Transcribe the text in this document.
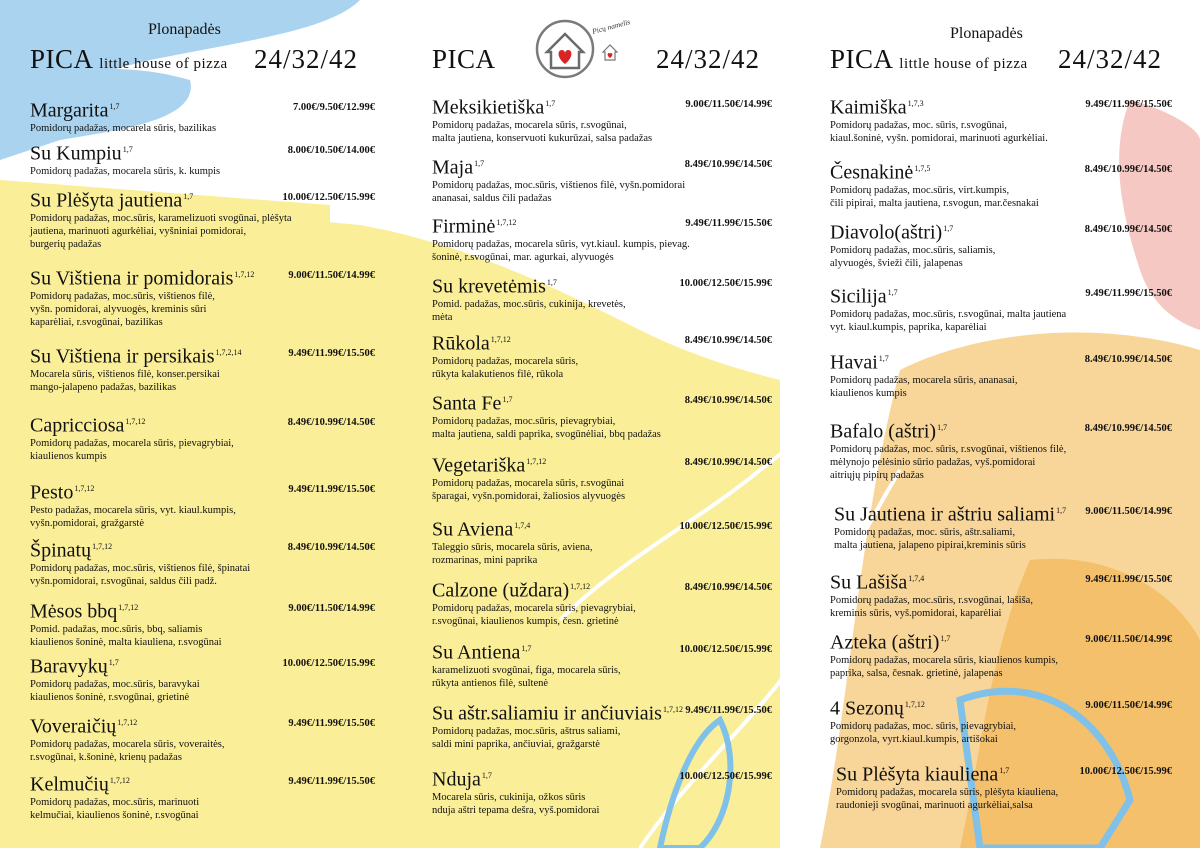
Picų namelis
Plonapadės
PICA little house of pizza 24/32/42
Margarita$^{1,7}$	7.00€/9.50€/12.99€
Pomidorų padažas, mocarela sūris, bazilikas
Su Kumpiu$^{1,7}$	8.00€/10.50€/14.00€
Pomidorų padažas, mocarela sūris, k. kumpis
Su Plėšyta jautiena$^{1,7}$	10.00€/12.50€/15.99€
Pomidorų padažas, moc.sūris, karamelizuoti svogūnai, plėšyta
jautiena, marinuoti agurkėliai, vyšniniai pomidorai,
burgerių padažas
Su Vištiena ir pomidorais$^{1,7,12}$	9.00€/11.50€/14.99€
Pomidorų padažas, moc.sūris, vištienos filė,
vyšn. pomidorai, alyvuogės, kreminis sūri
kaparėliai, r.svogūnai, bazilikas
Su Vištiena ir persikais$^{1,7,2,14}$	9.49€/11.99€/15.50€
Mocarela sūris, vištienos filė, konser.persikai
mango-jalapeno padažas, bazilikas
Capricciosa$^{1,7,12}$	8.49€/10.99€/14.50€
Pomidorų padažas, mocarela sūris, pievagrybiai,
kiaulienos kumpis
Pesto$^{1,7,12}$	9.49€/11.99€/15.50€
Pesto padažas, mocarela sūris, vyt. kiaul.kumpis,
vyšn.pomidorai, gražgarstė
Špinatų$^{1,7,12}$	8.49€/10.99€/14.50€
Pomidorų padažas, moc.sūris, vištienos filė, špinatai
vyšn.pomidorai, r.svogūnai, saldus čili padž.
Mėsos bbq$^{1,7,12}$	9.00€/11.50€/14.99€
Pomid. padažas, moc.sūris, bbq, saliamis
kiaulienos šoninė, malta kiauliena, r.svogūnai
Baravykų$^{1,7}$	10.00€/12.50€/15.99€
Pomidorų padažas, moc.sūris, baravykai
kiaulienos šoninė, r.svogūnai, grietinė
Voveraičių$^{1,7,12}$	9.49€/11.99€/15.50€
Pomidorų padažas, mocarela sūris, voveraitės,
r.svogūnai, k.šoninė, krienų padažas
Kelmučių$^{1,7,12}$	9.49€/11.99€/15.50€
Pomidorų padažas, moc.sūris, marinuoti
kelmučiai, kiaulienos šoninė, r.svogūnai
PICA	24/32/42
Meksikietiška$^{1,7}$	9.00€/11.50€/14.99€
Pomidorų padažas, mocarela sūris, r.svogūnai,
malta jautiena, konservuoti kukurūzai, salsa padažas
Maja$^{1,7}$	8.49€/10.99€/14.50€
Pomidorų padažas, moc.sūris, vištienos filė, vyšn.pomidorai
ananasai, saldus čili padažas
Firminė$^{1,7,12}$	9.49€/11.99€/15.50€
Pomidorų padažas, mocarela sūris, vyt.kiaul. kumpis, pievag.
šoninė, r.svogūnai, mar. agurkai, alyvuogės
Su krevetėmis$^{1,7}$	10.00€/12.50€/15.99€
Pomid. padažas, moc.sūris, cukinija, krevetės,
mėta
Rūkola$^{1,7,12}$	8.49€/10.99€/14.50€
Pomidorų padažas, mocarela sūris,
rūkyta kalakutienos filė, rūkola
Santa Fe$^{1,7}$	8.49€/10.99€/14.50€
Pomidorų padažas, moc.sūris, pievagrybiai,
malta jautiena, saldi paprika, svogūnėliai, bbq padažas
Vegetariška$^{1,7,12}$	8.49€/10.99€/14.50€
Pomidorų padažas, mocarela sūris, r.svogūnai
šparagai, vyšn.pomidorai, žaliosios alyvuogės
Su Aviena$^{1,7,4}$	10.00€/12.50€/15.99€
Taleggio sūris, mocarela sūris, aviena,
rozmarinas, mini paprika
Calzone (uždara)$^{1,7,12}$	8.49€/10.99€/14.50€
Pomidorų padažas, mocarela sūris, pievagrybiai,
r.svogūnai, kiaulienos kumpis, česn. grietinė
Su Antiena$^{1,7}$	10.00€/12.50€/15.99€
karamelizuoti svogūnai, figa, mocarela sūris,
rūkyta antienos filė, sultenė
Su aštr.saliamiu ir ančiuviais$^{1,7,12}$ 9.49€/11.99€/15.50€
Pomidorų padažas, moc.sūris, aštrus saliami,
saldi mini paprika, ančiuviai, gražgarstė
Nduja$^{1,7}$	10.00€/12.50€/15.99€
Mocarela sūris, cukinija, ožkos sūris
nduja aštri tepama dešra, vyš.pomidorai
Plonapadės
PICA little house of pizza 24/32/42
Kaimiška$^{1,7,3}$	9.49€/11.99€/15.50€
Pomidorų padažas, moc. sūris, r.svogūnai,
kiaul.šoninė, vyšn. pomidorai, marinuoti agurkėliai.
Česnakinė$^{1,7,5}$	8.49€/10.99€/14.50€
Pomidorų padažas, moc.sūris, virt.kumpis,
čili pipirai, malta jautiena, r.svogun, mar.česnakai
Diavolo(aštri)$^{1,7}$	8.49€/10.99€/14.50€
Pomidorų padažas, moc.sūris, saliamis,
alyvuogės, švieži čili, jalapenas
Sicilija$^{1,7}$	9.49€/11.99€/15.50€
Pomidorų padažas, moc.sūris, r.svogūnai, malta jautiena
vyt. kiaul.kumpis, paprika, kaparėliai
Havai$^{1,7}$	8.49€/10.99€/14.50€
Pomidorų padažas, mocarela sūris, ananasai,
kiaulienos kumpis
Bafalo (aštri)$^{1,7}$	8.49€/10.99€/14.50€
Pomidorų padažas, moc. sūris, r.svogūnai, vištienos filė,
mėlynojo pelėsinio sūrio padažas, vyš.pomidorai
aitriųjų pipirų padažas
Su Jautiena ir aštriu saliami$^{1,7}$	9.00€/11.50€/14.99€
Pomidorų padažas, moc. sūris, aštr.saliami,
malta jautiena, jalapeno pipirai,kreminis sūris
Su Lašiša$^{1,7,4}$	9.49€/11.99€/15.50€
Pomidorų padažas, moc.sūris, r.svogūnai, lašiša,
kreminis sūris, vyš.pomidorai, kaparėliai
Azteka (aštri)$^{1,7}$	9.00€/11.50€/14.99€
Pomidorų padažas, mocarela sūris, kiaulienos kumpis,
paprika, salsa, česnak. grietinė, jalapenas
4 Sezonų$^{1,7,12}$	9.00€/11.50€/14.99€
Pomidorų padažas, moc. sūris, pievagrybiai,
gorgonzola, vyrt.kiaul.kumpis, artišokai
Su Plėšyta kiauliena$^{1,7}$	10.00€/12.50€/15.99€
Pomidorų padažas, mocarela sūris, plėšyta kiauliena,
raudonieji svogūnai, marinuoti agurkėliai,salsa
